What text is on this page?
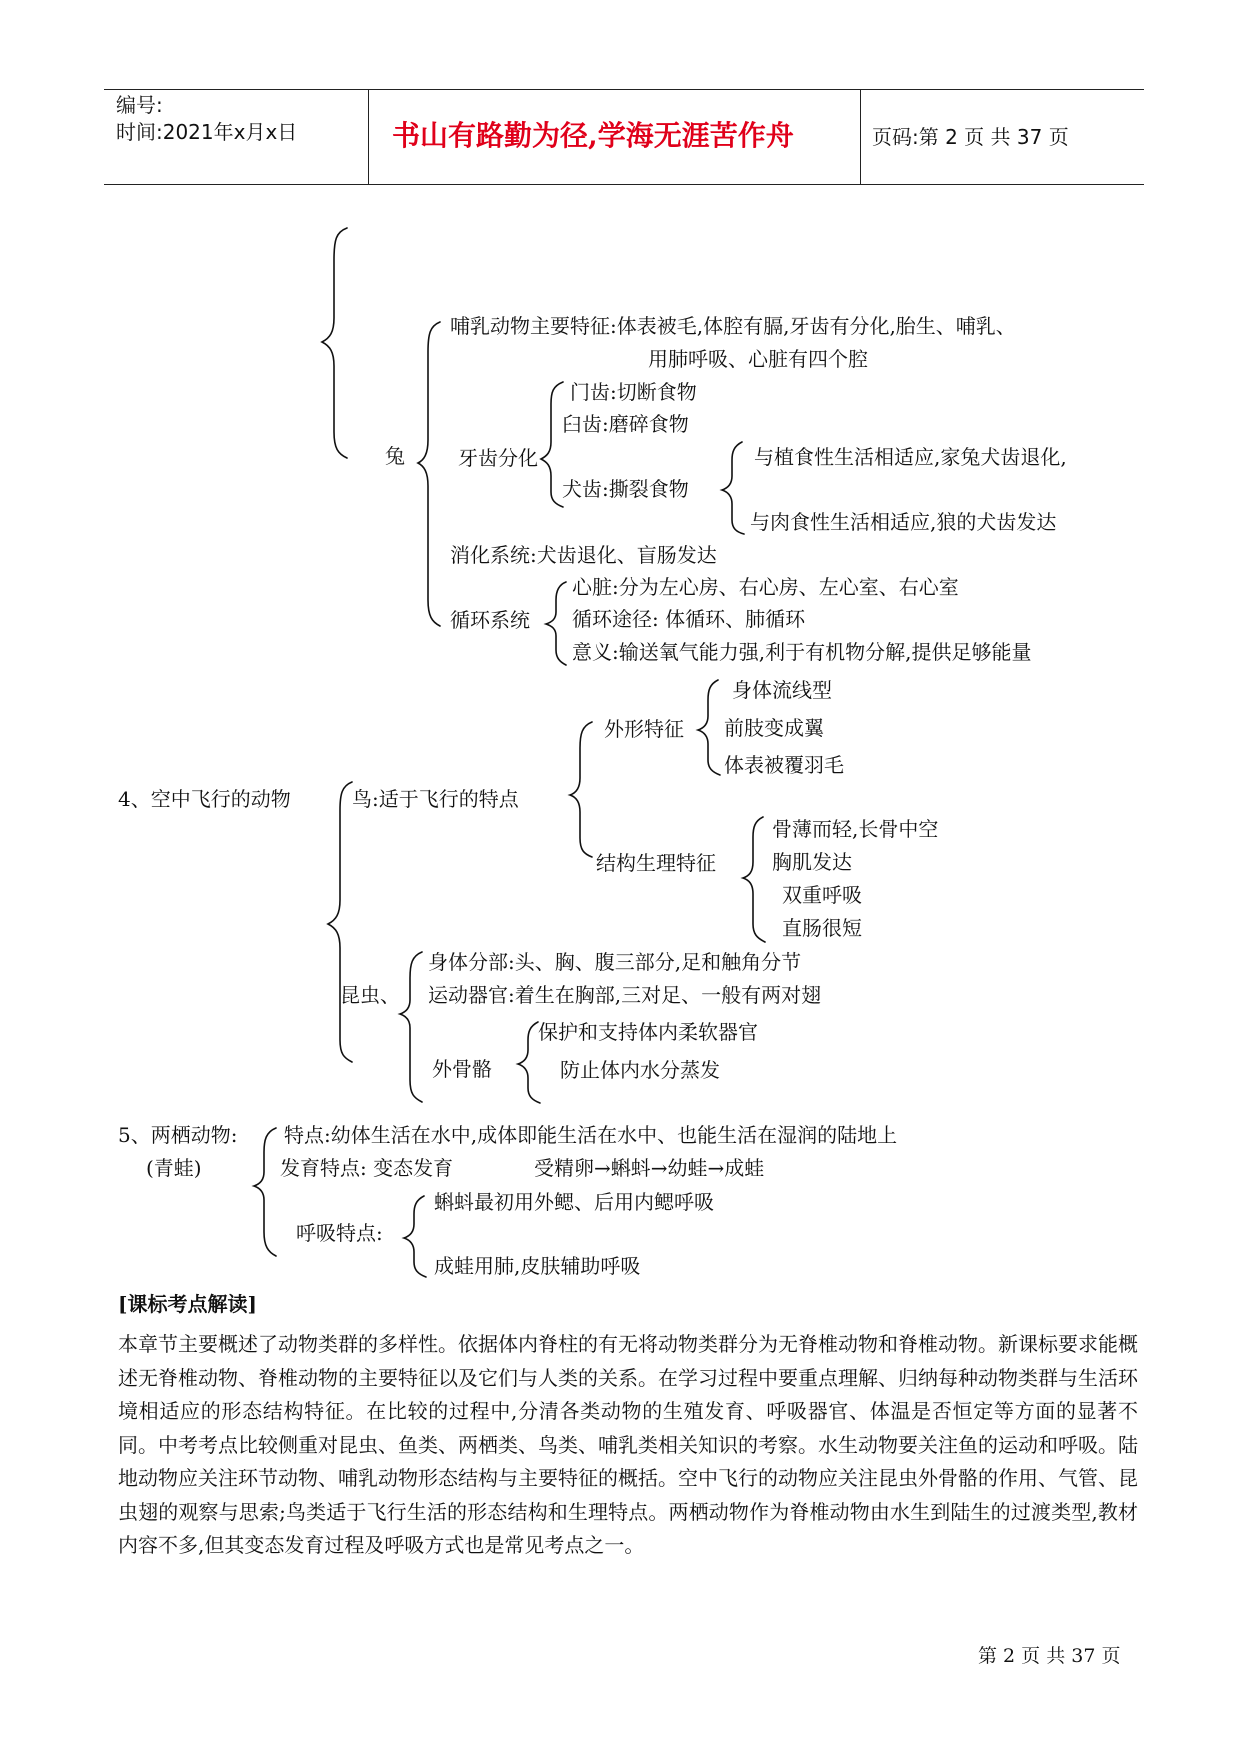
编号:
时间:2021年x月x日	书山有路勤为径,学海无涯苦作舟	页码:第 2 页 共 37 页
兔
哺乳动物主要特征:体表被毛,体腔有膈,牙齿有分化,胎生、哺乳、
用肺呼吸、心脏有四个腔
牙齿分化
门齿:切断食物
臼齿:磨碎食物
犬齿:撕裂食物
与植食性生活相适应,家兔犬齿退化,
与肉食性生活相适应,狼的犬齿发达
消化系统:犬齿退化、盲肠发达
循环系统
心脏:分为左心房、右心房、左心室、右心室
循环途径: 体循环、肺循环
意义:输送氧气能力强,利于有机物分解,提供足够能量
4、空中飞行的动物	鸟:适于飞行的特点
外形特征
身体流线型
前肢变成翼
体表被覆羽毛
结构生理特征
骨薄而轻,长骨中空
胸肌发达
双重呼吸
直肠很短
昆虫、
身体分部:头、胸、腹三部分,足和触角分节
运动器官:着生在胸部,三对足、一般有两对翅
外骨骼
保护和支持体内柔软器官
防止体内水分蒸发
5、两栖动物:
(青蛙)
特点:幼体生活在水中,成体即能生活在水中、也能生活在湿润的陆地上
发育特点: 变态发育	受精卵→蝌蚪→幼蛙→成蛙
呼吸特点:
蝌蚪最初用外鳃、后用内鳃呼吸
成蛙用肺,皮肤辅助呼吸
[课标考点解读]
本章节主要概述了动物类群的多样性。依据体内脊柱的有无将动物类群分为无脊椎动物和脊椎动物。新课标要求能概述无脊椎动物、脊椎动物的主要特征以及它们与人类的关系。在学习过程中要重点理解、归纳每种动物类群与生活环境相适应的形态结构特征。在比较的过程中,分清各类动物的生殖发育、呼吸器官、体温是否恒定等方面的显著不同。中考考点比较侧重对昆虫、鱼类、两栖类、鸟类、哺乳类相关知识的考察。水生动物要关注鱼的运动和呼吸。陆地动物应关注环节动物、哺乳动物形态结构与主要特征的概括。空中飞行的动物应关注昆虫外骨骼的作用、气管、昆虫翅的观察与思索;鸟类适于飞行生活的形态结构和生理特点。两栖动物作为脊椎动物由水生到陆生的过渡类型,教材内容不多,但其变态发育过程及呼吸方式也是常见考点之一。
第 2 页 共 37 页
